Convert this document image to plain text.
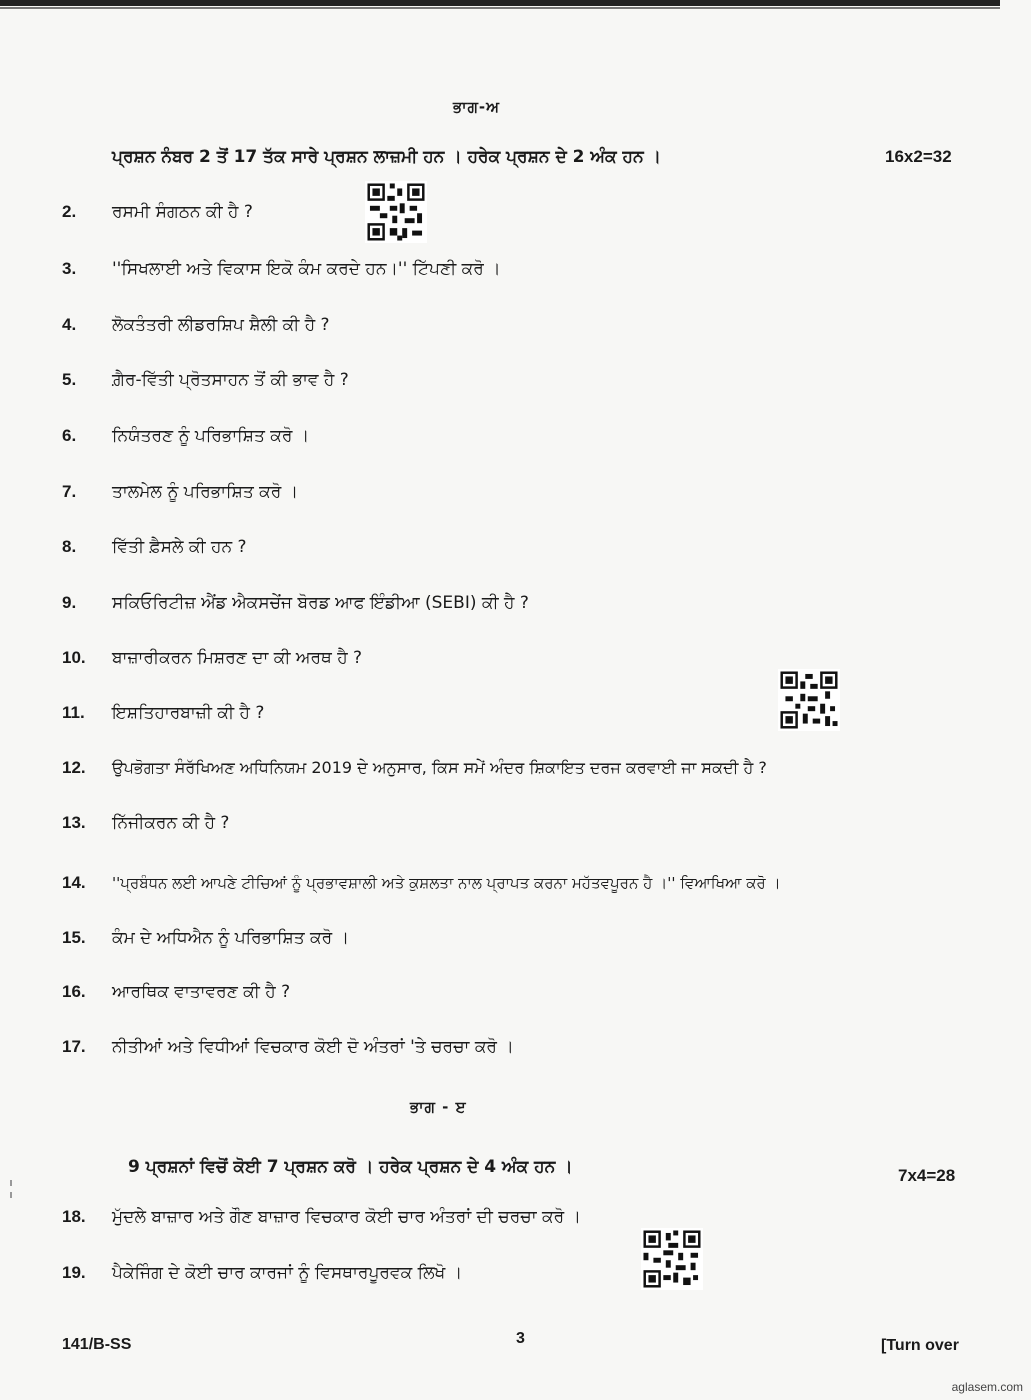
ਭਾਗ-ਅ
ਪ੍ਰਸ਼ਨ ਨੰਬਰ 2 ਤੋਂ 17 ਤੱਕ ਸਾਰੇ ਪ੍ਰਸ਼ਨ ਲਾਜ਼ਮੀ ਹਨ । ਹਰੇਕ ਪ੍ਰਸ਼ਨ ਦੇ 2 ਅੰਕ ਹਨ ।	16x2=32
2.	ਰਸਮੀ ਸੰਗਠਨ ਕੀ ਹੈ ?
3.	''ਸਿਖਲਾਈ ਅਤੇ ਵਿਕਾਸ ਇਕੋ ਕੰਮ ਕਰਦੇ ਹਨ।'' ਟਿੱਪਣੀ ਕਰੋ ।
4.	ਲੋਕਤੰਤਰੀ ਲੀਡਰਸ਼ਿਪ ਸ਼ੈਲੀ ਕੀ ਹੈ ?
5.	ਗ਼ੈਰ-ਵਿੱਤੀ ਪ੍ਰੋਤਸਾਹਨ ਤੋਂ ਕੀ ਭਾਵ ਹੈ ?
6.	ਨਿਯੰਤਰਣ ਨੂੰ ਪਰਿਭਾਸ਼ਿਤ ਕਰੋ ।
7.	ਤਾਲਮੇਲ ਨੂੰ ਪਰਿਭਾਸ਼ਿਤ ਕਰੋ ।
8.	ਵਿੱਤੀ ਫ਼ੈਸਲੇ ਕੀ ਹਨ ?
9.	ਸਕਿਓਰਿਟੀਜ਼ ਐਂਡ ਐਕਸਚੇਂਜ ਬੋਰਡ ਆਫ ਇੰਡੀਆ (SEBI) ਕੀ ਹੈ ?
10.	ਬਾਜ਼ਾਰੀਕਰਨ ਮਿਸ਼ਰਣ ਦਾ ਕੀ ਅਰਥ ਹੈ ?
11.	ਇਸ਼ਤਿਹਾਰਬਾਜ਼ੀ ਕੀ ਹੈ ?
12.	ਉਪਭੋਗਤਾ ਸੰਰੱਖਿਅਣ ਅਧਿਨਿਯਮ 2019 ਦੇ ਅਨੁਸਾਰ, ਕਿਸ ਸਮੇਂ ਅੰਦਰ ਸ਼ਿਕਾਇਤ ਦਰਜ ਕਰਵਾਈ ਜਾ ਸਕਦੀ ਹੈ ?
13.	ਨਿੱਜੀਕਰਨ ਕੀ ਹੈ ?
14.	''ਪ੍ਰਬੰਧਨ ਲਈ ਆਪਣੇ ਟੀਚਿਆਂ ਨੂੰ ਪ੍ਰਭਾਵਸ਼ਾਲੀ ਅਤੇ ਕੁਸ਼ਲਤਾ ਨਾਲ ਪ੍ਰਾਪਤ ਕਰਨਾ ਮਹੱਤਵਪੂਰਨ ਹੈ ।'' ਵਿਆਖਿਆ ਕਰੋ ।
15.	ਕੰਮ ਦੇ ਅਧਿਐਨ ਨੂੰ ਪਰਿਭਾਸ਼ਿਤ ਕਰੋ ।
16.	ਆਰਥਿਕ ਵਾਤਾਵਰਣ ਕੀ ਹੈ ?
17.	ਨੀਤੀਆਂ ਅਤੇ ਵਿਧੀਆਂ ਵਿਚਕਾਰ ਕੋਈ ਦੋ ਅੰਤਰਾਂ 'ਤੇ ਚਰਚਾ ਕਰੋ ।
ਭਾਗ - ੲ
9 ਪ੍ਰਸ਼ਨਾਂ ਵਿਚੋਂ ਕੋਈ 7 ਪ੍ਰਸ਼ਨ ਕਰੋ । ਹਰੇਕ ਪ੍ਰਸ਼ਨ ਦੇ 4 ਅੰਕ ਹਨ ।	7x4=28
18.	ਮੁੱਦਲੇ ਬਾਜ਼ਾਰ ਅਤੇ ਗੌਣ ਬਾਜ਼ਾਰ ਵਿਚਕਾਰ ਕੋਈ ਚਾਰ ਅੰਤਰਾਂ ਦੀ ਚਰਚਾ ਕਰੋ ।
19.	ਪੈਕੇਜਿੰਗ ਦੇ ਕੋਈ ਚਾਰ ਕਾਰਜਾਂ ਨੂੰ ਵਿਸਥਾਰਪੂਰਵਕ ਲਿਖੋ ।
141/B-SS	3	[Turn over
aglasem.com
